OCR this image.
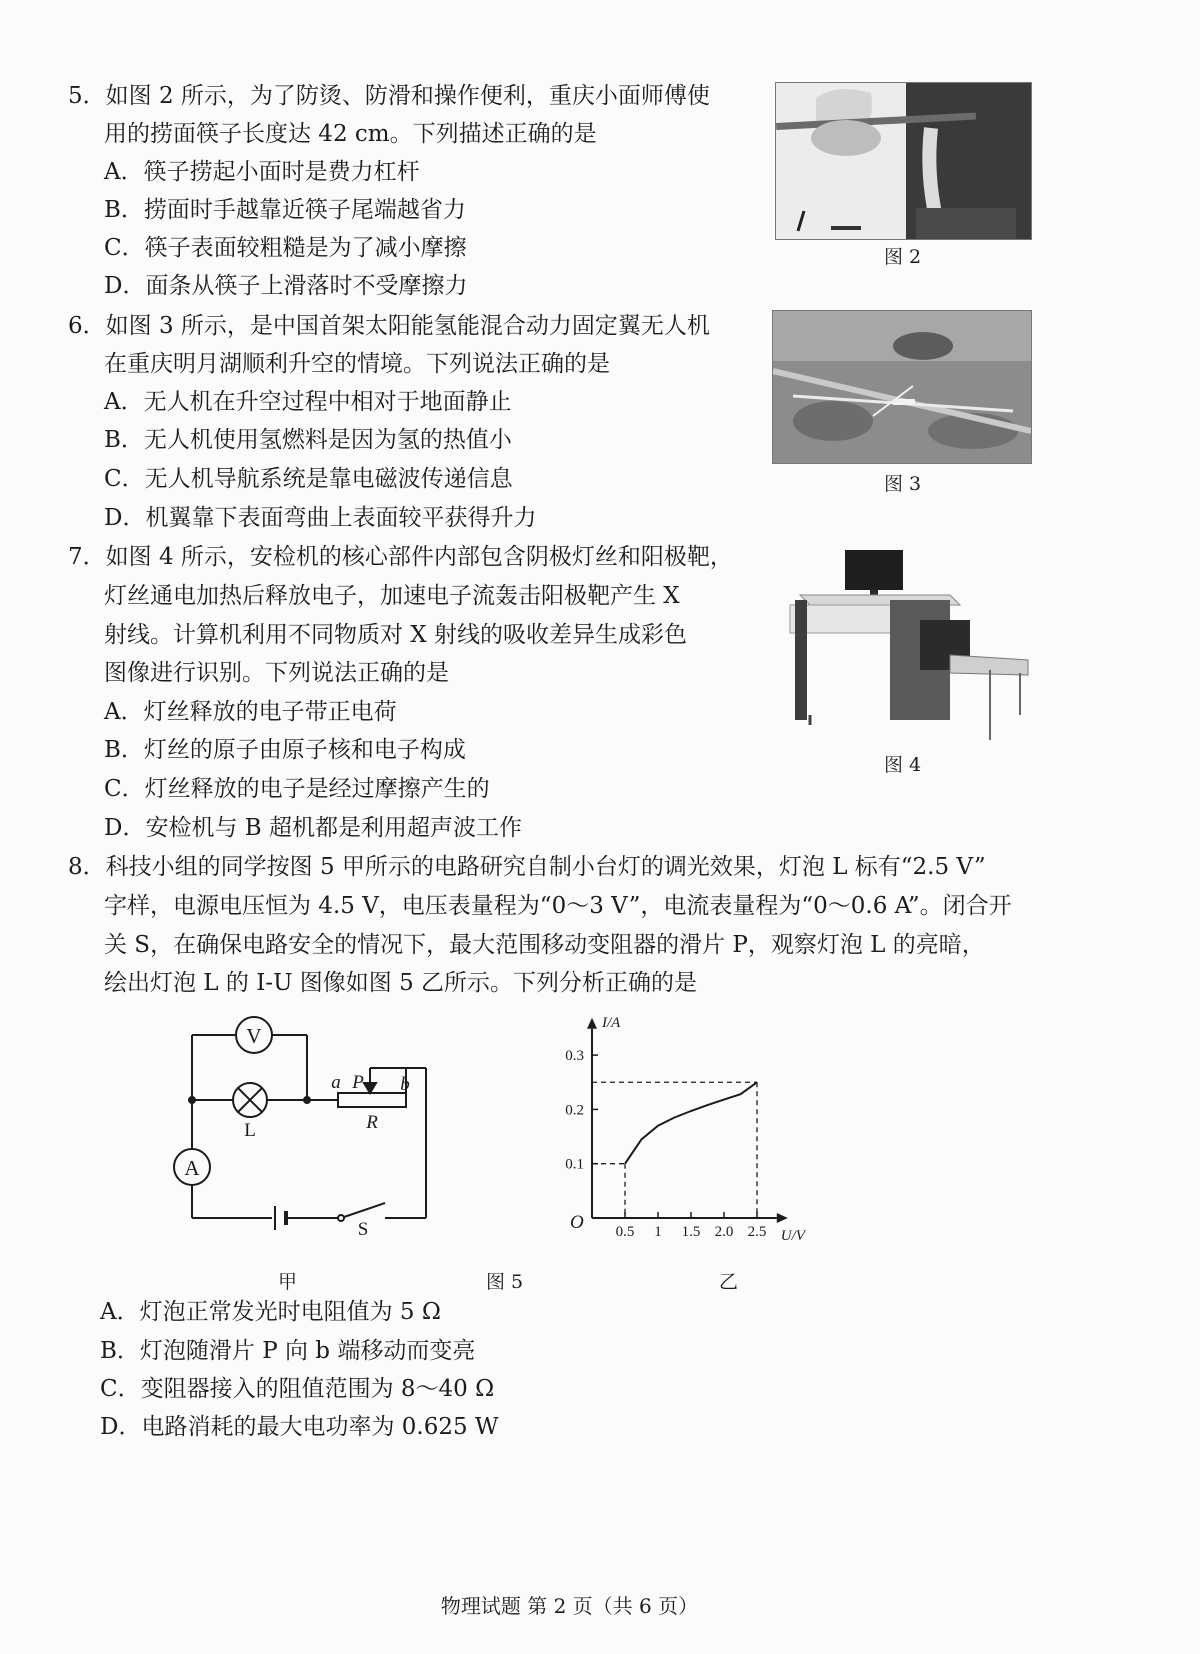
5．如图 2 所示，为了防烫、防滑和操作便利，重庆小面师傅使
用的捞面筷子长度达 42 cm。下列描述正确的是
A．筷子捞起小面时是费力杠杆
B．捞面时手越靠近筷子尾端越省力
C．筷子表面较粗糙是为了减小摩擦
D．面条从筷子上滑落时不受摩擦力
图 2
6．如图 3 所示，是中国首架太阳能氢能混合动力固定翼无人机
在重庆明月湖顺利升空的情境。下列说法正确的是
A．无人机在升空过程中相对于地面静止
B．无人机使用氢燃料是因为氢的热值小
C．无人机导航系统是靠电磁波传递信息
D．机翼靠下表面弯曲上表面较平获得升力
图 3
7．如图 4 所示，安检机的核心部件内部包含阴极灯丝和阳极靶，
灯丝通电加热后释放电子，加速电子流轰击阳极靶产生 X
射线。计算机利用不同物质对 X 射线的吸收差异生成彩色
图像进行识别。下列说法正确的是
A．灯丝释放的电子带正电荷
B．灯丝的原子由原子核和电子构成
C．灯丝释放的电子是经过摩擦产生的
D．安检机与 B 超机都是利用超声波工作
图 4
8．科技小组的同学按图 5 甲所示的电路研究自制小台灯的调光效果，灯泡 L 标有“2.5 V”
字样，电源电压恒为 4.5 V，电压表量程为“0～3 V”，电流表量程为“0～0.6 A”。闭合开
关 S，在确保电路安全的情况下，最大范围移动变阻器的滑片 P，观察灯泡 L 的亮暗，
绘出灯泡 L 的 I-U 图像如图 5 乙所示。下列分析正确的是
V
L
A
S
a P b
R
0.5 1 1.5 2.0 2.5
0.1
0.2
0.3
I/A
U/V
O
甲	图 5	乙
A．灯泡正常发光时电阻值为 5 Ω
B．灯泡随滑片 P 向 b 端移动而变亮
C．变阻器接入的阻值范围为 8～40 Ω
D．电路消耗的最大电功率为 0.625 W
物理试题 第 2 页（共 6 页）
